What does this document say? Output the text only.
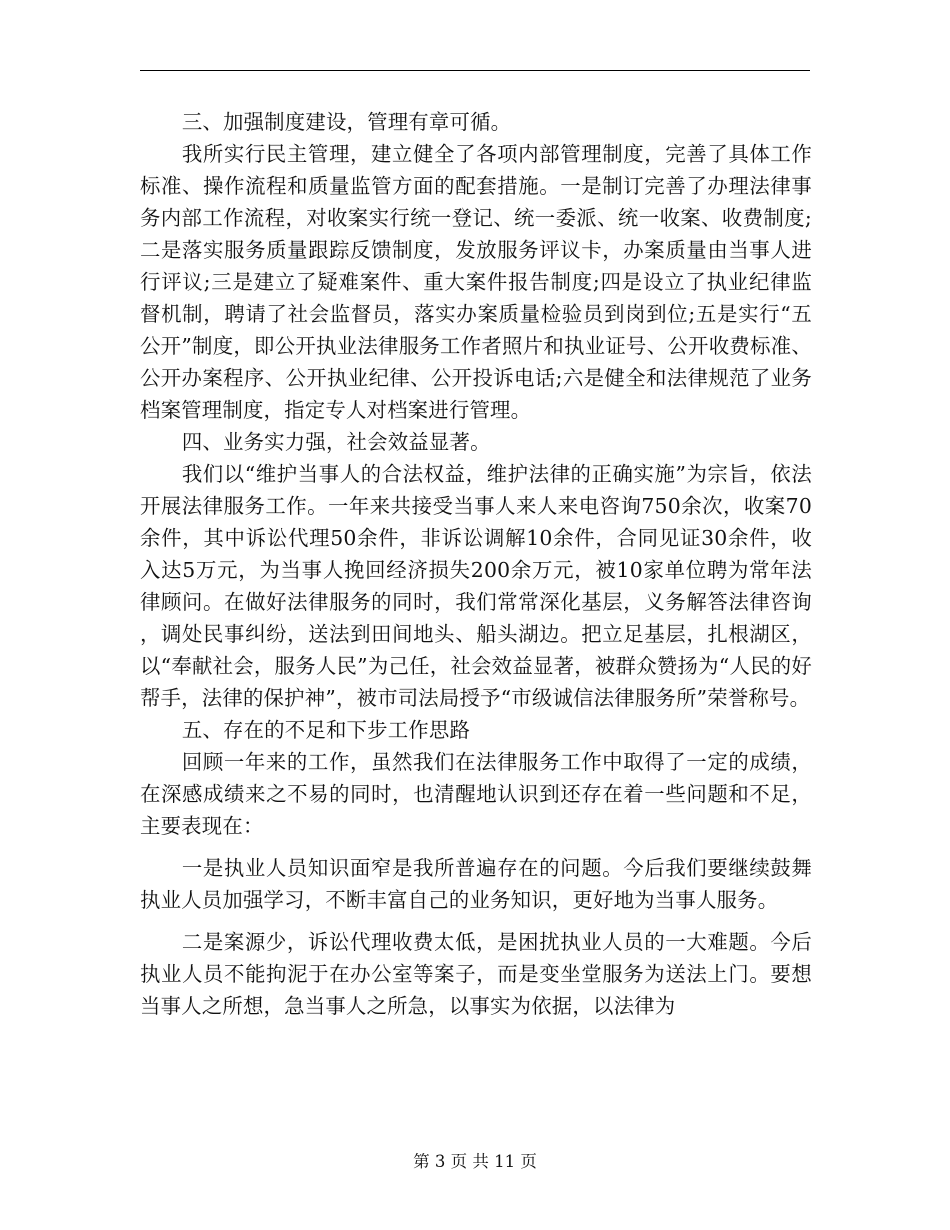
三、加强制度建设，管理有章可循。

我所实行民主管理，建立健全了各项内部管理制度，完善了具体工作标准、操作流程和质量监管方面的配套措施。一是制订完善了办理法律事务内部工作流程，对收案实行统一登记、统一委派、统一收案、收费制度;二是落实服务质量跟踪反馈制度，发放服务评议卡，办案质量由当事人进行评议;三是建立了疑难案件、重大案件报告制度;四是设立了执业纪律监督机制，聘请了社会监督员，落实办案质量检验员到岗到位;五是实行“五公开”制度，即公开执业法律服务工作者照片和执业证号、公开收费标准、公开办案程序、公开执业纪律、公开投诉电话;六是健全和法律规范了业务档案管理制度，指定专人对档案进行管理。

四、业务实力强，社会效益显著。

我们以“维护当事人的合法权益，维护法律的正确实施”为宗旨，依法开展法律服务工作。一年来共接受当事人来人来电咨询750余次，收案70余件，其中诉讼代理50余件，非诉讼调解10余件，合同见证30余件，收入达5万元，为当事人挽回经济损失200余万元，被10家单位聘为常年法律顾问。在做好法律服务的同时，我们常常深化基层，义务解答法律咨询，调处民事纠纷，送法到田间地头、船头湖边。把立足基层，扎根湖区，以“奉献社会，服务人民”为己任，社会效益显著，被群众赞扬为“人民的好帮手，法律的保护神”，被市司法局授予“市级诚信法律服务所”荣誉称号。

五、存在的不足和下步工作思路

回顾一年来的工作，虽然我们在法律服务工作中取得了一定的成绩，在深感成绩来之不易的同时，也清醒地认识到还存在着一些问题和不足，主要表现在：

一是执业人员知识面窄是我所普遍存在的问题。今后我们要继续鼓舞执业人员加强学习，不断丰富自己的业务知识，更好地为当事人服务。

二是案源少，诉讼代理收费太低，是困扰执业人员的一大难题。今后执业人员不能拘泥于在办公室等案子，而是变坐堂服务为送法上门。要想当事人之所想，急当事人之所急，以事实为依据，以法律为

第 3 页 共 11 页
